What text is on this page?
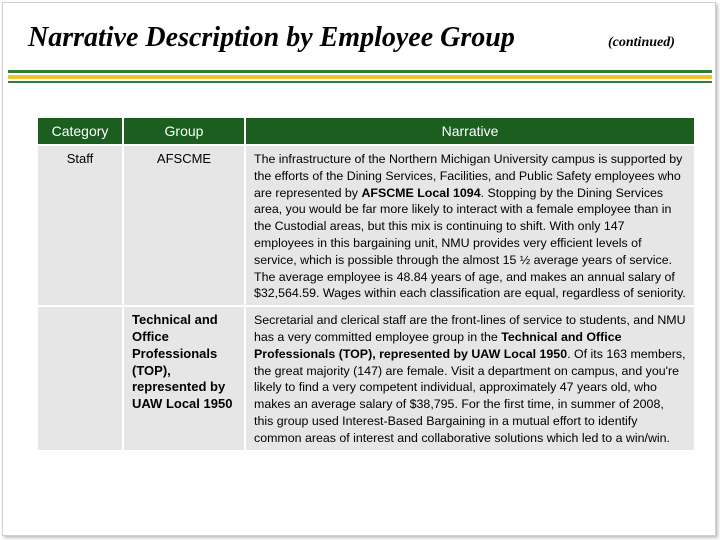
Narrative Description by Employee Group	(continued)
Category	Group	Narrative
Staff	AFSCME	The infrastructure of the Northern Michigan University campus is supported by the efforts of the Dining Services, Facilities, and Public Safety employees who are represented by AFSCME Local 1094. Stopping by the Dining Services area, you would be far more likely to interact with a female employee than in the Custodial areas, but this mix is continuing to shift. With only 147 employees in this bargaining unit, NMU provides very efficient levels of service, which is possible through the almost 15 ½ average years of service. The average employee is 48.84 years of age, and makes an annual salary of $32,564.59. Wages within each classification are equal, regardless of seniority.
	Technical and Office Professionals (TOP), represented by UAW Local 1950	Secretarial and clerical staff are the front-lines of service to students, and NMU has a very committed employee group in the Technical and Office Professionals (TOP), represented by UAW Local 1950. Of its 163 members, the great majority (147) are female. Visit a department on campus, and you're likely to find a very competent individual, approximately 47 years old, who makes an average salary of $38,795. For the first time, in summer of 2008, this group used Interest-Based Bargaining in a mutual effort to identify common areas of interest and collaborative solutions which led to a win/win.
